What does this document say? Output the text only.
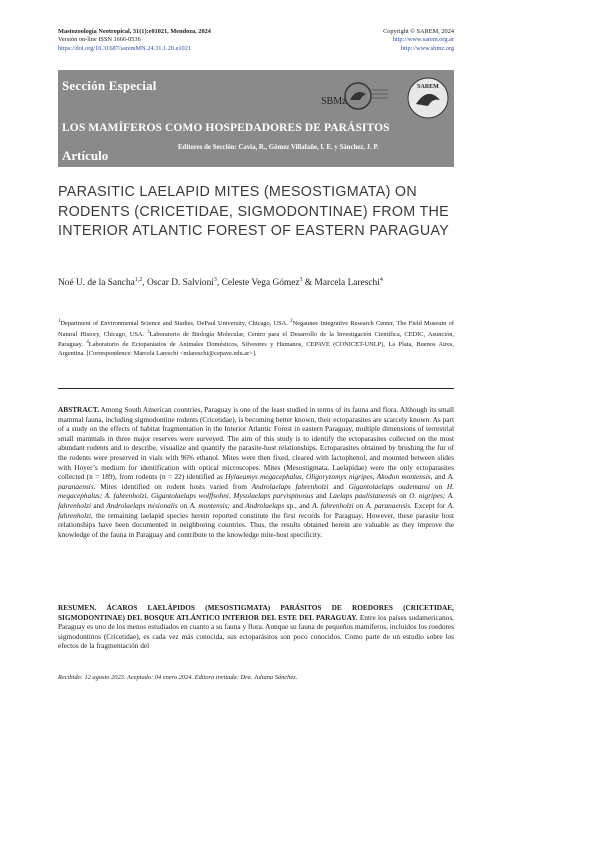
Mastozoología Neotropical, 31(1):e01021, Mendoza, 2024
Versión on-line ISSN 1666-0536
https://doi.org/10.31687/saremMN.24.31.1.20.e1021
Copyright © SAREM, 2024
http://www.sarem.org.ar
http://www.sbmz.org
Sección Especial
SBMz
SAREM
LOS MAMÍFEROS COMO HOSPEDADORES DE PARÁSITOS
Artículo
Editores de Sección: Cavia, R., Gómez Villafañe, I. E. y Sánchez, J. P.
PARASITIC LAELAPID MITES (MESOSTIGMATA) ON RODENTS (CRICETIDAE, SIGMODONTINAE) FROM THE INTERIOR ATLANTIC FOREST OF EASTERN PARAGUAY
Noé U. de la Sancha$^{1,2}$, Oscar D. Salvioni$^3$, Celeste Vega Gómez$^3$ & Marcela Lareschi$^4$
$^1$Department of Environmental Science and Studies, DePaul University, Chicago, USA. $^2$Negaunee Integrative Research Center, The Field Museum of Natural History, Chicago, USA. $^3$Laboratorio de Biología Molecular, Centro para el Desarrollo de la Investigación Científica, CEDIC, Asunción, Paraguay. $^4$Laboratorio de Ectoparásitos de Animales Domésticos, Silvestres y Humanos, CEPAVE (CONICET-UNLP), La Plata, Buenos Aires, Argentina. [Correspondence: Marcela Lareschi <mlareschi@cepave.edu.ar>].
ABSTRACT. Among South American countries, Paraguay is one of the least studied in terms of its fauna and flora. Although its small mammal fauna, including sigmodontine rodents (Cricetidae), is becoming better known, their ectoparasites are scarcely known. As part of a study on the effects of habitat fragmentation in the Interior Atlantic Forest in eastern Paraguay, multiple dimensions of terrestrial small mammals in three major reserves were surveyed. The aim of this study is to identify the ectoparasites collected on the most abundant rodents and to describe, visualize and quantify the parasite-host relationships. Ectoparasites obtained by brushing the fur of the rodents were preserved in vials with 96% ethanol. Mites were then fixed, cleared with lactophenol, and mounted between slides with Hoyer’s medium for identification with optical microscopes. Mites (Mesostigmata, Laelapidae) were the only ectoparasites collected (n = 189), from rodents (n = 22) identified as Hylaeamys megacephalus, Oligoryzomys nigripes, Akodon montensis, and A. paranaensis. Mites identified on rodent hosts varied from Androlaelaps fahrenholzi and Gigantolaelaps oudemansi on H. megacephalus; A. fahrenholzi, Gigantolaelaps wolffsohni, Mysolaelaps parvispinosus and Laelaps paulistanensis on O. nigripes; A. fahrenholzi and Androlaelaps misionalis on A. montensis; and Androlaelaps sp., and A. fahrenholzi on A. paranaensis. Except for A. fahrenholzi, the remaining laelapid species herein reported constitute the first records for Paraguay. However, these parasite host relationships have been documented in neighboring countries. Thus, the results obtained herein are valuable as they improve the knowledge of the fauna in Paraguay and contribute to the knowledge mite-host specificity.
RESUMEN. ÁCAROS LAELÁPIDOS (MESOSTIGMATA) PARÁSITOS DE ROEDORES (CRICETIDAE, SIGMODONTINAE) DEL BOSQUE ATLÁNTICO INTERIOR DEL ESTE DEL PARAGUAY. Entre los países sudamericanos, Paraguay es uno de los menos estudiados en cuanto a su fauna y flora. Aunque su fauna de pequeños mamíferos, incluidos los roedores sigmodontinos (Cricetidae), es cada vez más conocida, sus ectoparásitos son poco conocidos. Como parte de un estudio sobre los efectos de la fragmentación del
Recibido: 12 agosto 2023. Aceptado: 04 enero 2024. Editora invitada: Dra. Juliana Sánchez.
